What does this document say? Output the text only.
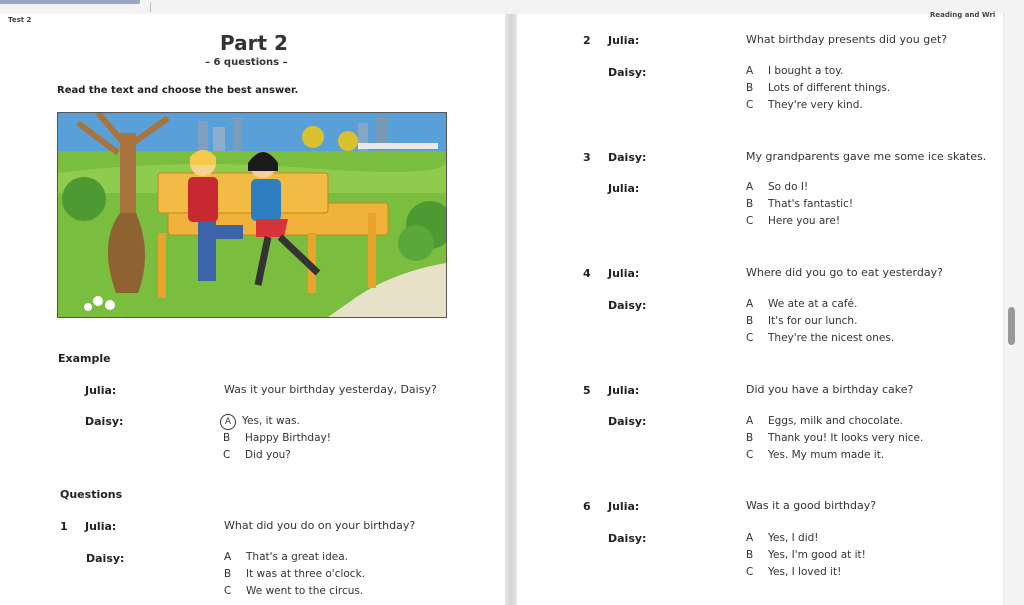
Test 2
Part 2
– 6 questions –
Read the text and choose the best answer.
Example
Julia:	Was it your birthday yesterday, Daisy?
Daisy:	A Yes, it was.
B Happy Birthday!
C Did you?
Questions
1 Julia:	What did you do on your birthday?
Daisy:	A That's a great idea.
B It was at three o'clock.
C We went to the circus.
Reading and Wri
2 Julia:	What birthday presents did you get?
Daisy:	A I bought a toy.
B Lots of different things.
C They're very kind.
3 Daisy:	My grandparents gave me some ice skates.
Julia:	A So do I!
B That's fantastic!
C Here you are!
4 Julia:	Where did you go to eat yesterday?
Daisy:	A We ate at a café.
B It's for our lunch.
C They're the nicest ones.
5 Julia:	Did you have a birthday cake?
Daisy:	A Eggs, milk and chocolate.
B Thank you! It looks very nice.
C Yes. My mum made it.
6 Julia:	Was it a good birthday?
Daisy:	A Yes, I did!
B Yes, I'm good at it!
C Yes, I loved it!
